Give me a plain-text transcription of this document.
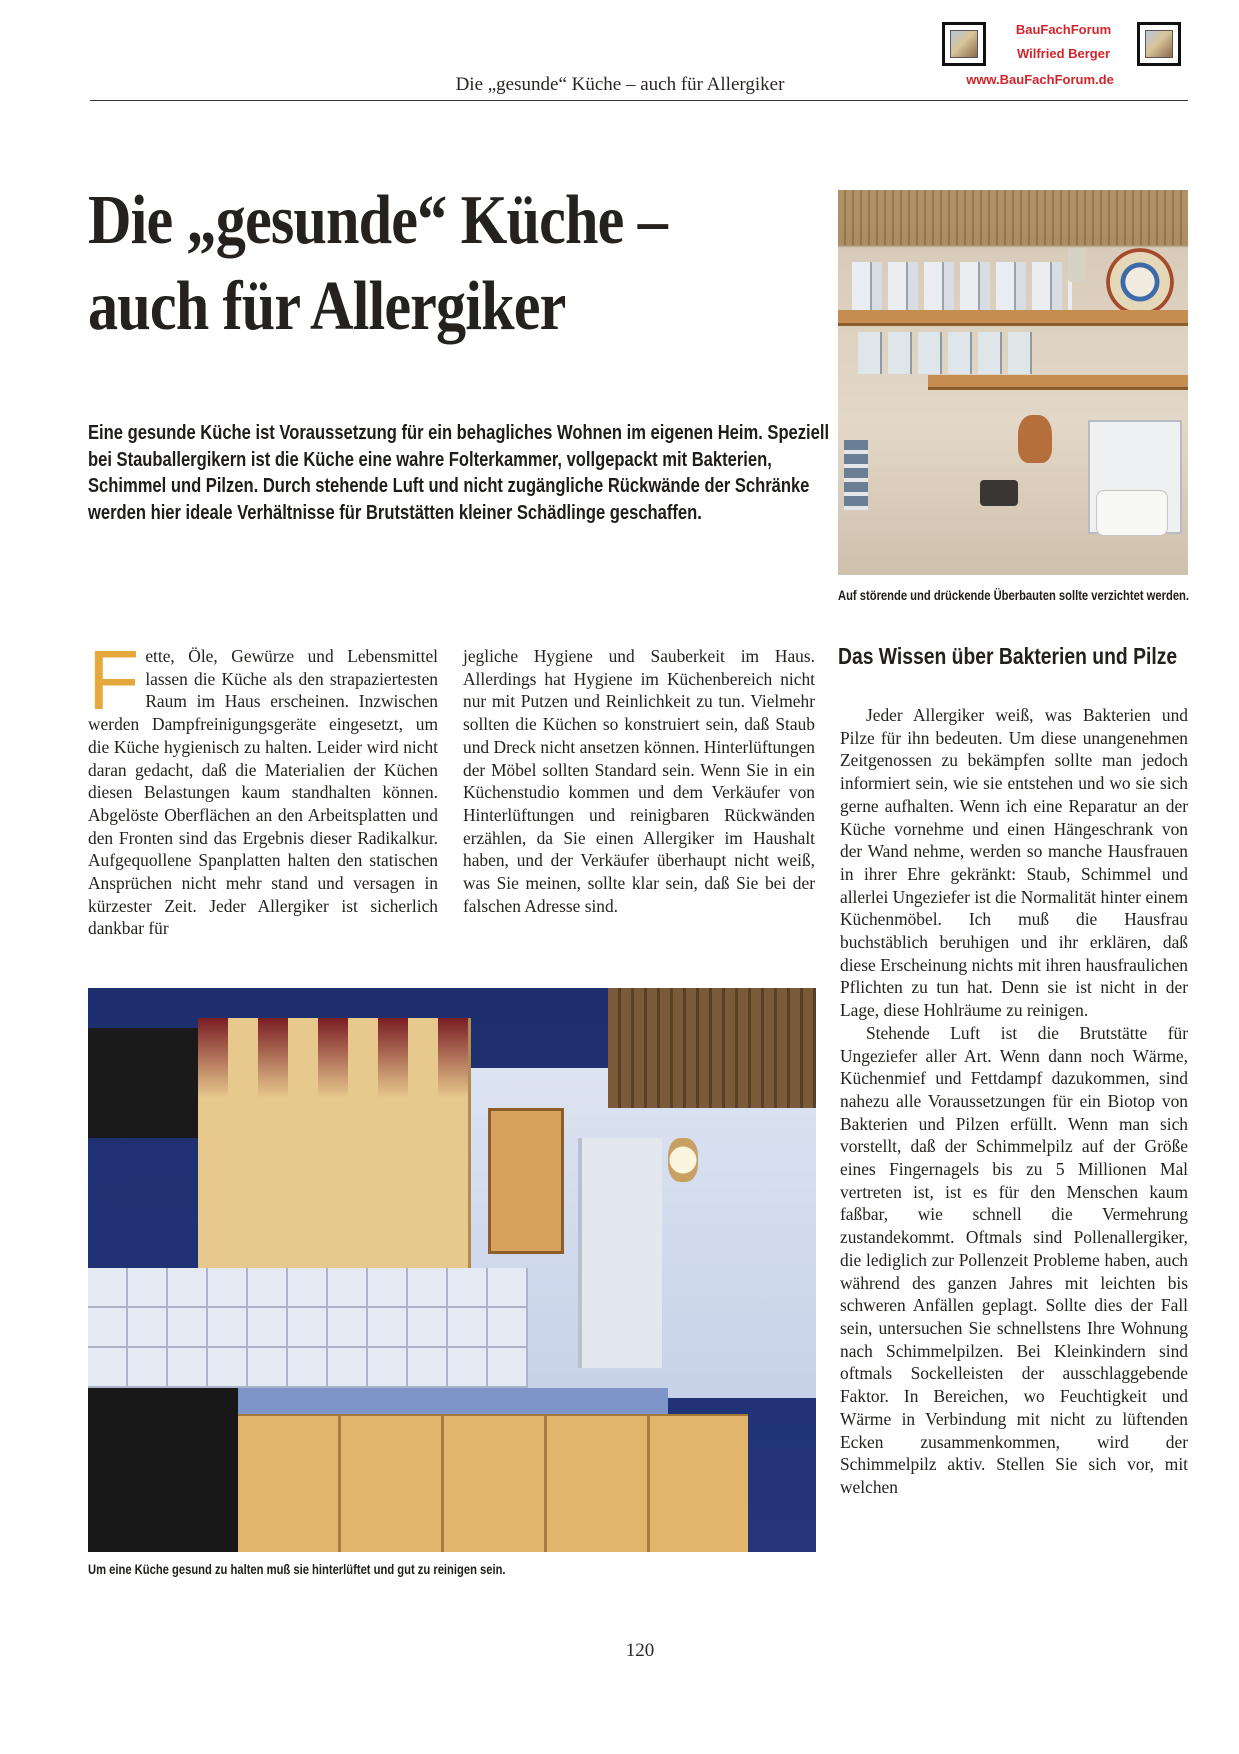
BauFachForum
Wilfried Berger
www.BauFachForum.de
Die „gesunde“ Küche – auch für Allergiker
Die „gesunde“ Küche –
auch für Allergiker

Eine gesunde Küche ist Voraussetzung für ein behagliches Wohnen im eigenen Heim. Speziell bei Stauballergikern ist die Küche eine wahre Folterkammer, vollgepackt mit Bakterien, Schimmel und Pilzen. Durch stehende Luft und nicht zugängliche Rückwände der Schränke werden hier ideale Verhältnisse für Brutstätten kleiner Schädlinge geschaffen.

Auf störende und drückende Überbauten sollte verzichtet werden.

Fette, Öle, Gewürze und Lebensmittel lassen die Küche als den strapaziertesten Raum im Haus erscheinen. Inzwischen werden Dampfreinigungsgeräte eingesetzt, um die Küche hygienisch zu halten. Leider wird nicht daran gedacht, daß die Materialien der Küchen diesen Belastungen kaum standhalten können. Abgelöste Oberflächen an den Arbeitsplatten und den Fronten sind das Ergebnis dieser Radikalkur. Aufgequollene Spanplatten halten den statischen Ansprüchen nicht mehr stand und versagen in kürzester Zeit. Jeder Allergiker ist sicherlich dankbar für
jegliche Hygiene und Sauberkeit im Haus. Allerdings hat Hygiene im Küchenbereich nicht nur mit Putzen und Reinlichkeit zu tun. Vielmehr sollten die Küchen so konstruiert sein, daß Staub und Dreck nicht ansetzen können. Hinterlüftungen der Möbel sollten Standard sein. Wenn Sie in ein Küchenstudio kommen und dem Verkäufer von Hinterlüftungen und reinigbaren Rückwänden erzählen, da Sie einen Allergiker im Haushalt haben, und der Verkäufer überhaupt nicht weiß, was Sie meinen, sollte klar sein, daß Sie bei der falschen Adresse sind.
Das Wissen über Bakterien und Pilze

Jeder Allergiker weiß, was Bakterien und Pilze für ihn bedeuten. Um diese unangenehmen Zeitgenossen zu bekämpfen sollte man jedoch informiert sein, wie sie entstehen und wo sie sich gerne aufhalten. Wenn ich eine Reparatur an der Küche vornehme und einen Hängeschrank von der Wand nehme, werden so manche Hausfrauen in ihrer Ehre gekränkt: Staub, Schimmel und allerlei Ungeziefer ist die Normalität hinter einem Küchenmöbel. Ich muß die Hausfrau buchstäblich beruhigen und ihr erklären, daß diese Erscheinung nichts mit ihren hausfraulichen Pflichten zu tun hat. Denn sie ist nicht in der Lage, diese Hohlräume zu reinigen.

Stehende Luft ist die Brutstätte für Ungeziefer aller Art. Wenn dann noch Wärme, Küchenmief und Fettdampf dazukommen, sind nahezu alle Voraussetzungen für ein Biotop von Bakterien und Pilzen erfüllt. Wenn man sich vorstellt, daß der Schimmelpilz auf der Größe eines Fingernagels bis zu 5 Millionen Mal vertreten ist, ist es für den Menschen kaum faßbar, wie schnell die Vermehrung zustandekommt. Oftmals sind Pollenallergiker, die lediglich zur Pollenzeit Probleme haben, auch während des ganzen Jahres mit leichten bis schweren Anfällen geplagt. Sollte dies der Fall sein, untersuchen Sie schnellstens Ihre Wohnung nach Schimmelpilzen. Bei Kleinkindern sind oftmals Sockelleisten der ausschlaggebende Faktor. In Bereichen, wo Feuchtigkeit und Wärme in Verbindung mit nicht zu lüftenden Ecken zusammenkommen, wird der Schimmelpilz aktiv. Stellen Sie sich vor, mit welchen

Um eine Küche gesund zu halten muß sie hinterlüftet und gut zu reinigen sein.

120
